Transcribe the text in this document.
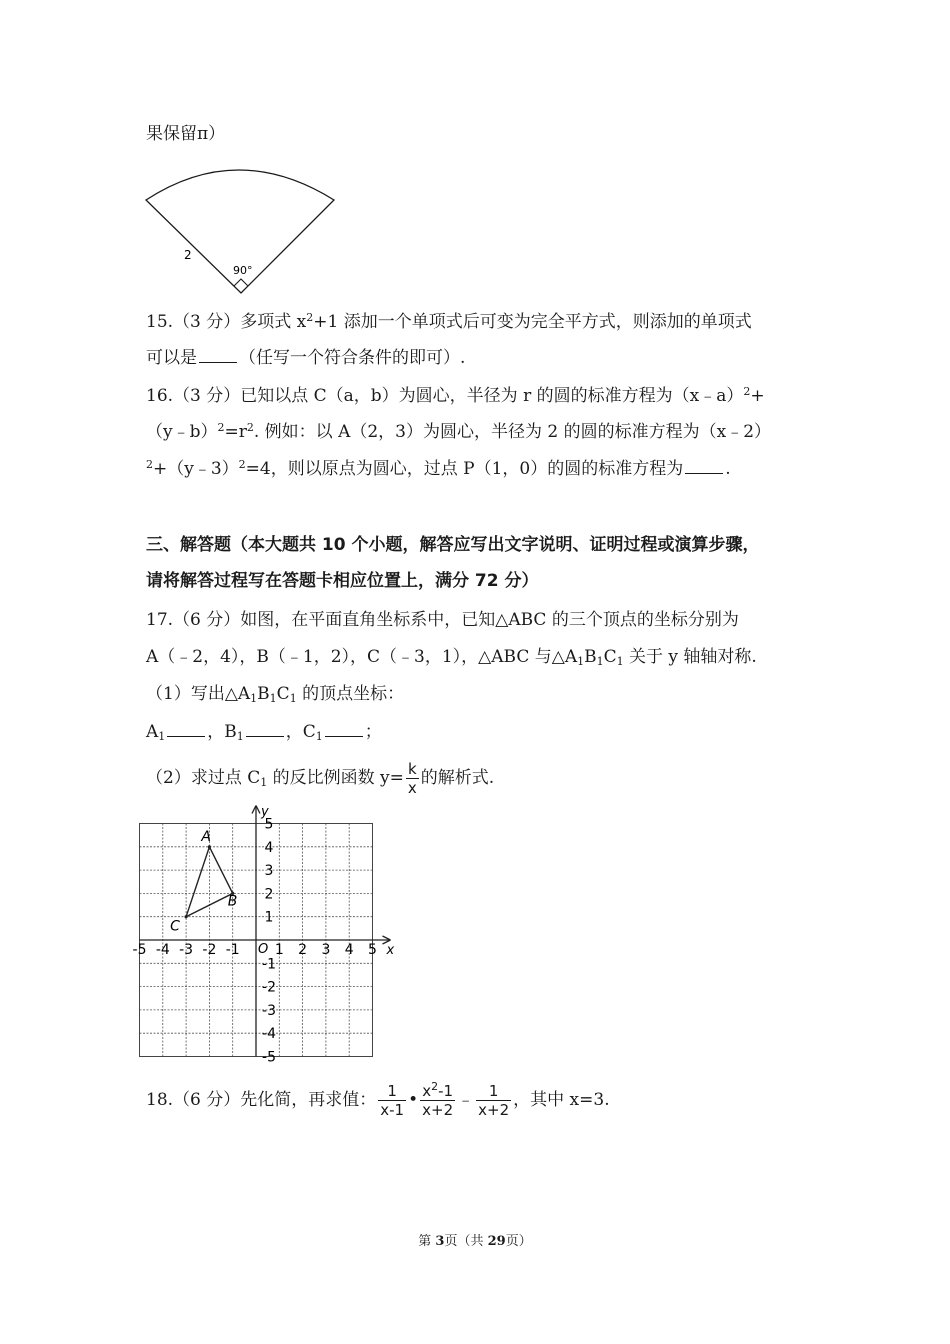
果保留π）
2
90°
15.（3 分）多项式 $x^2+1$ 添加一个单项式后可变为完全平方式，则添加的单项式
可以是 （任写一个符合条件的即可）.
16.（3 分）已知以点 C（a，b）为圆心，半径为 r 的圆的标准方程为（x﹣a）$^2$+
$(y﹣b)^2=r^2$. 例如：以 A（2，3）为圆心，半径为 2 的圆的标准方程为（x﹣2）
$^2$+（y﹣3）$^2$=4，则以原点为圆心，过点 P（1，0）的圆的标准方程为 .
三、解答题（本大题共 10 个小题，解答应写出文字说明、证明过程或演算步骤，
请将解答过程写在答题卡相应位置上，满分 72 分）
17.（6 分）如图，在平面直角坐标系中，已知△ABC 的三个顶点的坐标分别为
A（﹣2，4），B（﹣1，2），C（﹣3，1），△ABC 与$\triangle A_1B_1C_1$ 关于 y 轴轴对称.
（1）写出$\triangle A_1B_1C_1$ 的顶点坐标：
$A_1$ ，$B_1$ ，$C_1$ ；
（2）求过点 $C_1$ 的反比例函数 $y= \frac{k}{x}$ 的解析式.
x
y
O
-5 -4 -3 -2 -1	1 2 3 4 5
5
4
3
2
1
-1
-2
-3
-4
-5
A
B
C
18.（6 分）先化简，再求值： $\frac{1}{x-1}$ • $\frac{x^2-1}{x+2}$ ﹣ $\frac{1}{x+2}$ ，其中 x=3.
第 3页（共 29页）
